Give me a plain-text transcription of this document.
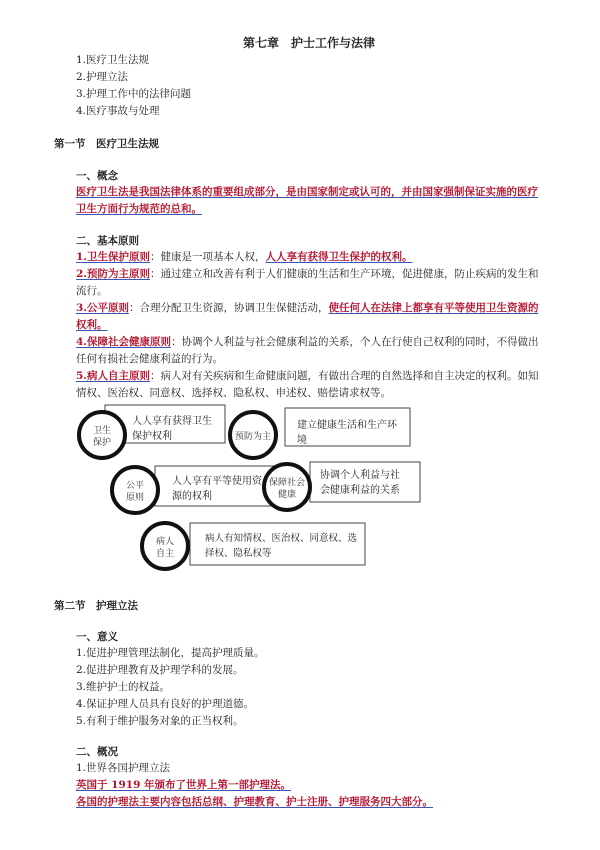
第七章　护士工作与法律
1.医疗卫生法规
2.护理立法
3.护理工作中的法律问题
4.医疗事故与处理
第一节　医疗卫生法规
一、概念
医疗卫生法是我国法律体系的重要组成部分，是由国家制定或认可的，并由国家强制保证实施的医疗
卫生方面行为规范的总和。
二、基本原则
1.卫生保护原则：健康是一项基本人权，人人享有获得卫生保护的权利。
2.预防为主原则：通过建立和改善有利于人们健康的生活和生产环境，促进健康，防止疾病的发生和
流行。
3.公平原则：合理分配卫生资源，协调卫生保健活动，使任何人在法律上都享有平等使用卫生资源的
权利。
4.保障社会健康原则：协调个人利益与社会健康利益的关系，个人在行使自己权利的同时，不得做出
任何有损社会健康利益的行为。
5.病人自主原则：病人对有关疾病和生命健康问题，有做出合理的自然选择和自主决定的权利。如知
情权、医治权、同意权、选择权、隐私权、申述权、赔偿请求权等。
卫生
保护
人人享有获得卫生
保护权利	预防为主
建立健康生活和生产环
境
公平
原则
人人享有平等使用资
源的权利
保障社会
健康
协调个人利益与社
会健康利益的关系
病人
自主
病人有知情权、医治权、同意权、选
择权、隐私权等
第二节　护理立法
一、意义
1.促进护理管理法制化，提高护理质量。
2.促进护理教育及护理学科的发展。
3.维护护士的权益。
4.保证护理人员具有良好的护理道德。
5.有利于维护服务对象的正当权利。
二、概况
1.世界各国护理立法
英国于 1919 年颁布了世界上第一部护理法。
各国的护理法主要内容包括总纲、护理教育、护士注册、护理服务四大部分。
